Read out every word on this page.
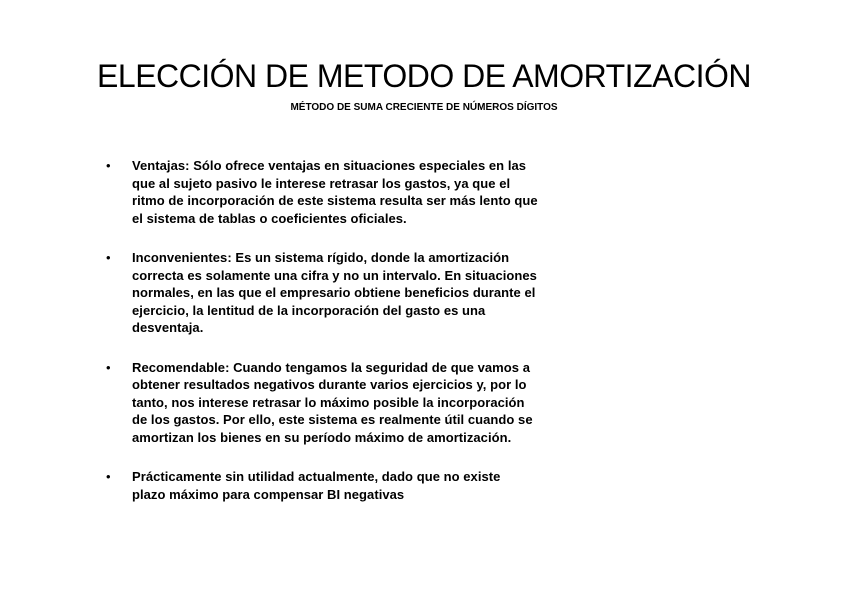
ELECCIÓN DE METODO DE AMORTIZACIÓN
MÉTODO DE SUMA CRECIENTE DE NÚMEROS DÍGITOS
• Ventajas: Sólo ofrece ventajas en situaciones especiales en las
que al sujeto pasivo le interese retrasar los gastos, ya que el
ritmo de incorporación de este sistema resulta ser más lento que
el sistema de tablas o coeficientes oficiales.
• Inconvenientes: Es un sistema rígido, donde la amortización
correcta es solamente una cifra y no un intervalo. En situaciones
normales, en las que el empresario obtiene beneficios durante el
ejercicio, la lentitud de la incorporación del gasto es una
desventaja.
• Recomendable: Cuando tengamos la seguridad de que vamos a
obtener resultados negativos durante varios ejercicios y, por lo
tanto, nos interese retrasar lo máximo posible la incorporación
de los gastos. Por ello, este sistema es realmente útil cuando se
amortizan los bienes en su período máximo de amortización.
• Prácticamente sin utilidad actualmente, dado que no existe
plazo máximo para compensar BI negativas
